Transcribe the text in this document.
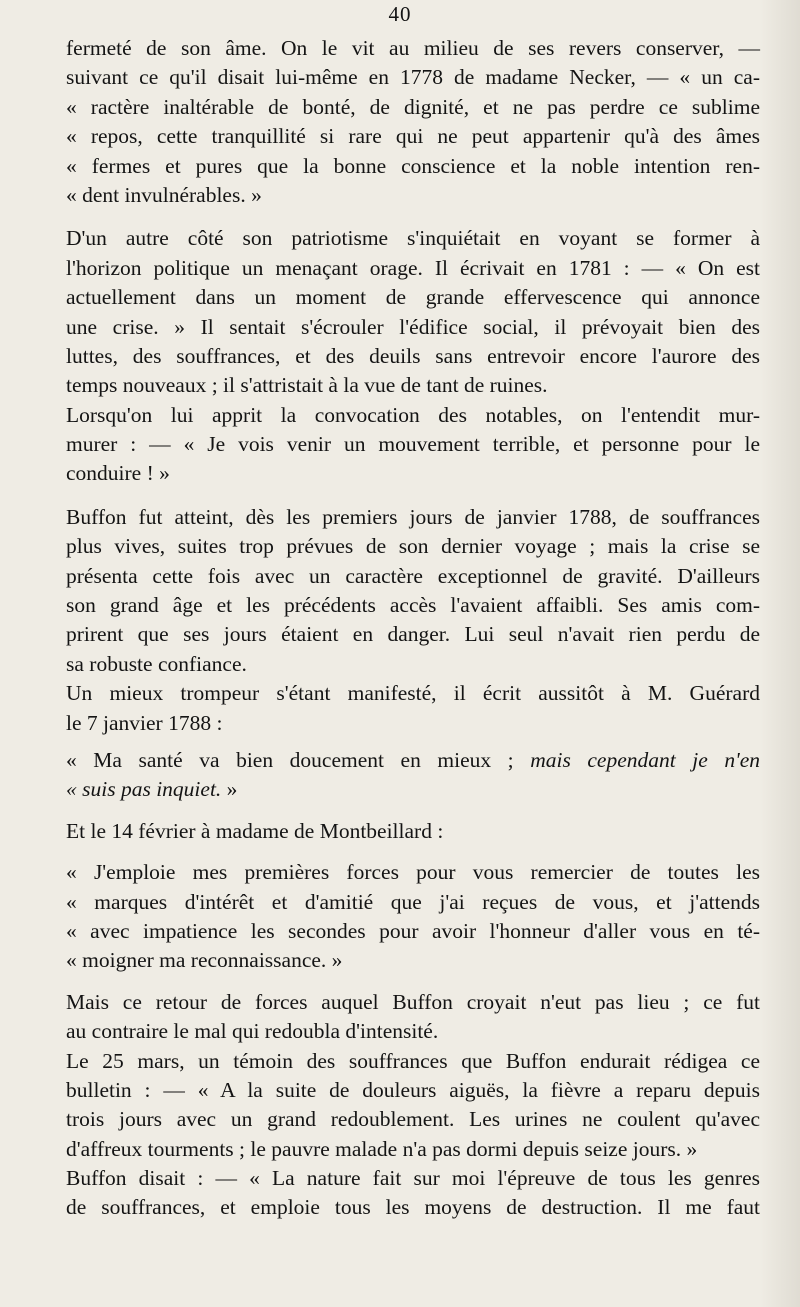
40
fermeté de son âme. On le vit au milieu de ses revers conserver, —
suivant ce qu'il disait lui-même en 1778 de madame Necker, — « un ca-
« ractère inaltérable de bonté, de dignité, et ne pas perdre ce sublime
« repos, cette tranquillité si rare qui ne peut appartenir qu'à des âmes
« fermes et pures que la bonne conscience et la noble intention ren-
« dent invulnérables. »
D'un autre côté son patriotisme s'inquiétait en voyant se former à
l'horizon politique un menaçant orage. Il écrivait en 1781 : — « On est
actuellement dans un moment de grande effervescence qui annonce
une crise. » Il sentait s'écrouler l'édifice social, il prévoyait bien des
luttes, des souffrances, et des deuils sans entrevoir encore l'aurore des
temps nouveaux ; il s'attristait à la vue de tant de ruines.
Lorsqu'on lui apprit la convocation des notables, on l'entendit mur-
murer : — « Je vois venir un mouvement terrible, et personne pour le
conduire ! »
Buffon fut atteint, dès les premiers jours de janvier 1788, de souffrances
plus vives, suites trop prévues de son dernier voyage ; mais la crise se
présenta cette fois avec un caractère exceptionnel de gravité. D'ailleurs
son grand âge et les précédents accès l'avaient affaibli. Ses amis com-
prirent que ses jours étaient en danger. Lui seul n'avait rien perdu de
sa robuste confiance.
Un mieux trompeur s'étant manifesté, il écrit aussitôt à M. Guérard
le 7 janvier 1788 :
« Ma santé va bien doucement en mieux ; mais cependant je n'en
« suis pas inquiet. »
Et le 14 février à madame de Montbeillard :
« J'emploie mes premières forces pour vous remercier de toutes les
« marques d'intérêt et d'amitié que j'ai reçues de vous, et j'attends
« avec impatience les secondes pour avoir l'honneur d'aller vous en té-
« moigner ma reconnaissance. »
Mais ce retour de forces auquel Buffon croyait n'eut pas lieu ; ce fut
au contraire le mal qui redoubla d'intensité.
Le 25 mars, un témoin des souffrances que Buffon endurait rédigea ce
bulletin : — « A la suite de douleurs aiguës, la fièvre a reparu depuis
trois jours avec un grand redoublement. Les urines ne coulent qu'avec
d'affreux tourments ; le pauvre malade n'a pas dormi depuis seize jours. »
Buffon disait : — « La nature fait sur moi l'épreuve de tous les genres
de souffrances, et emploie tous les moyens de destruction. Il me faut
